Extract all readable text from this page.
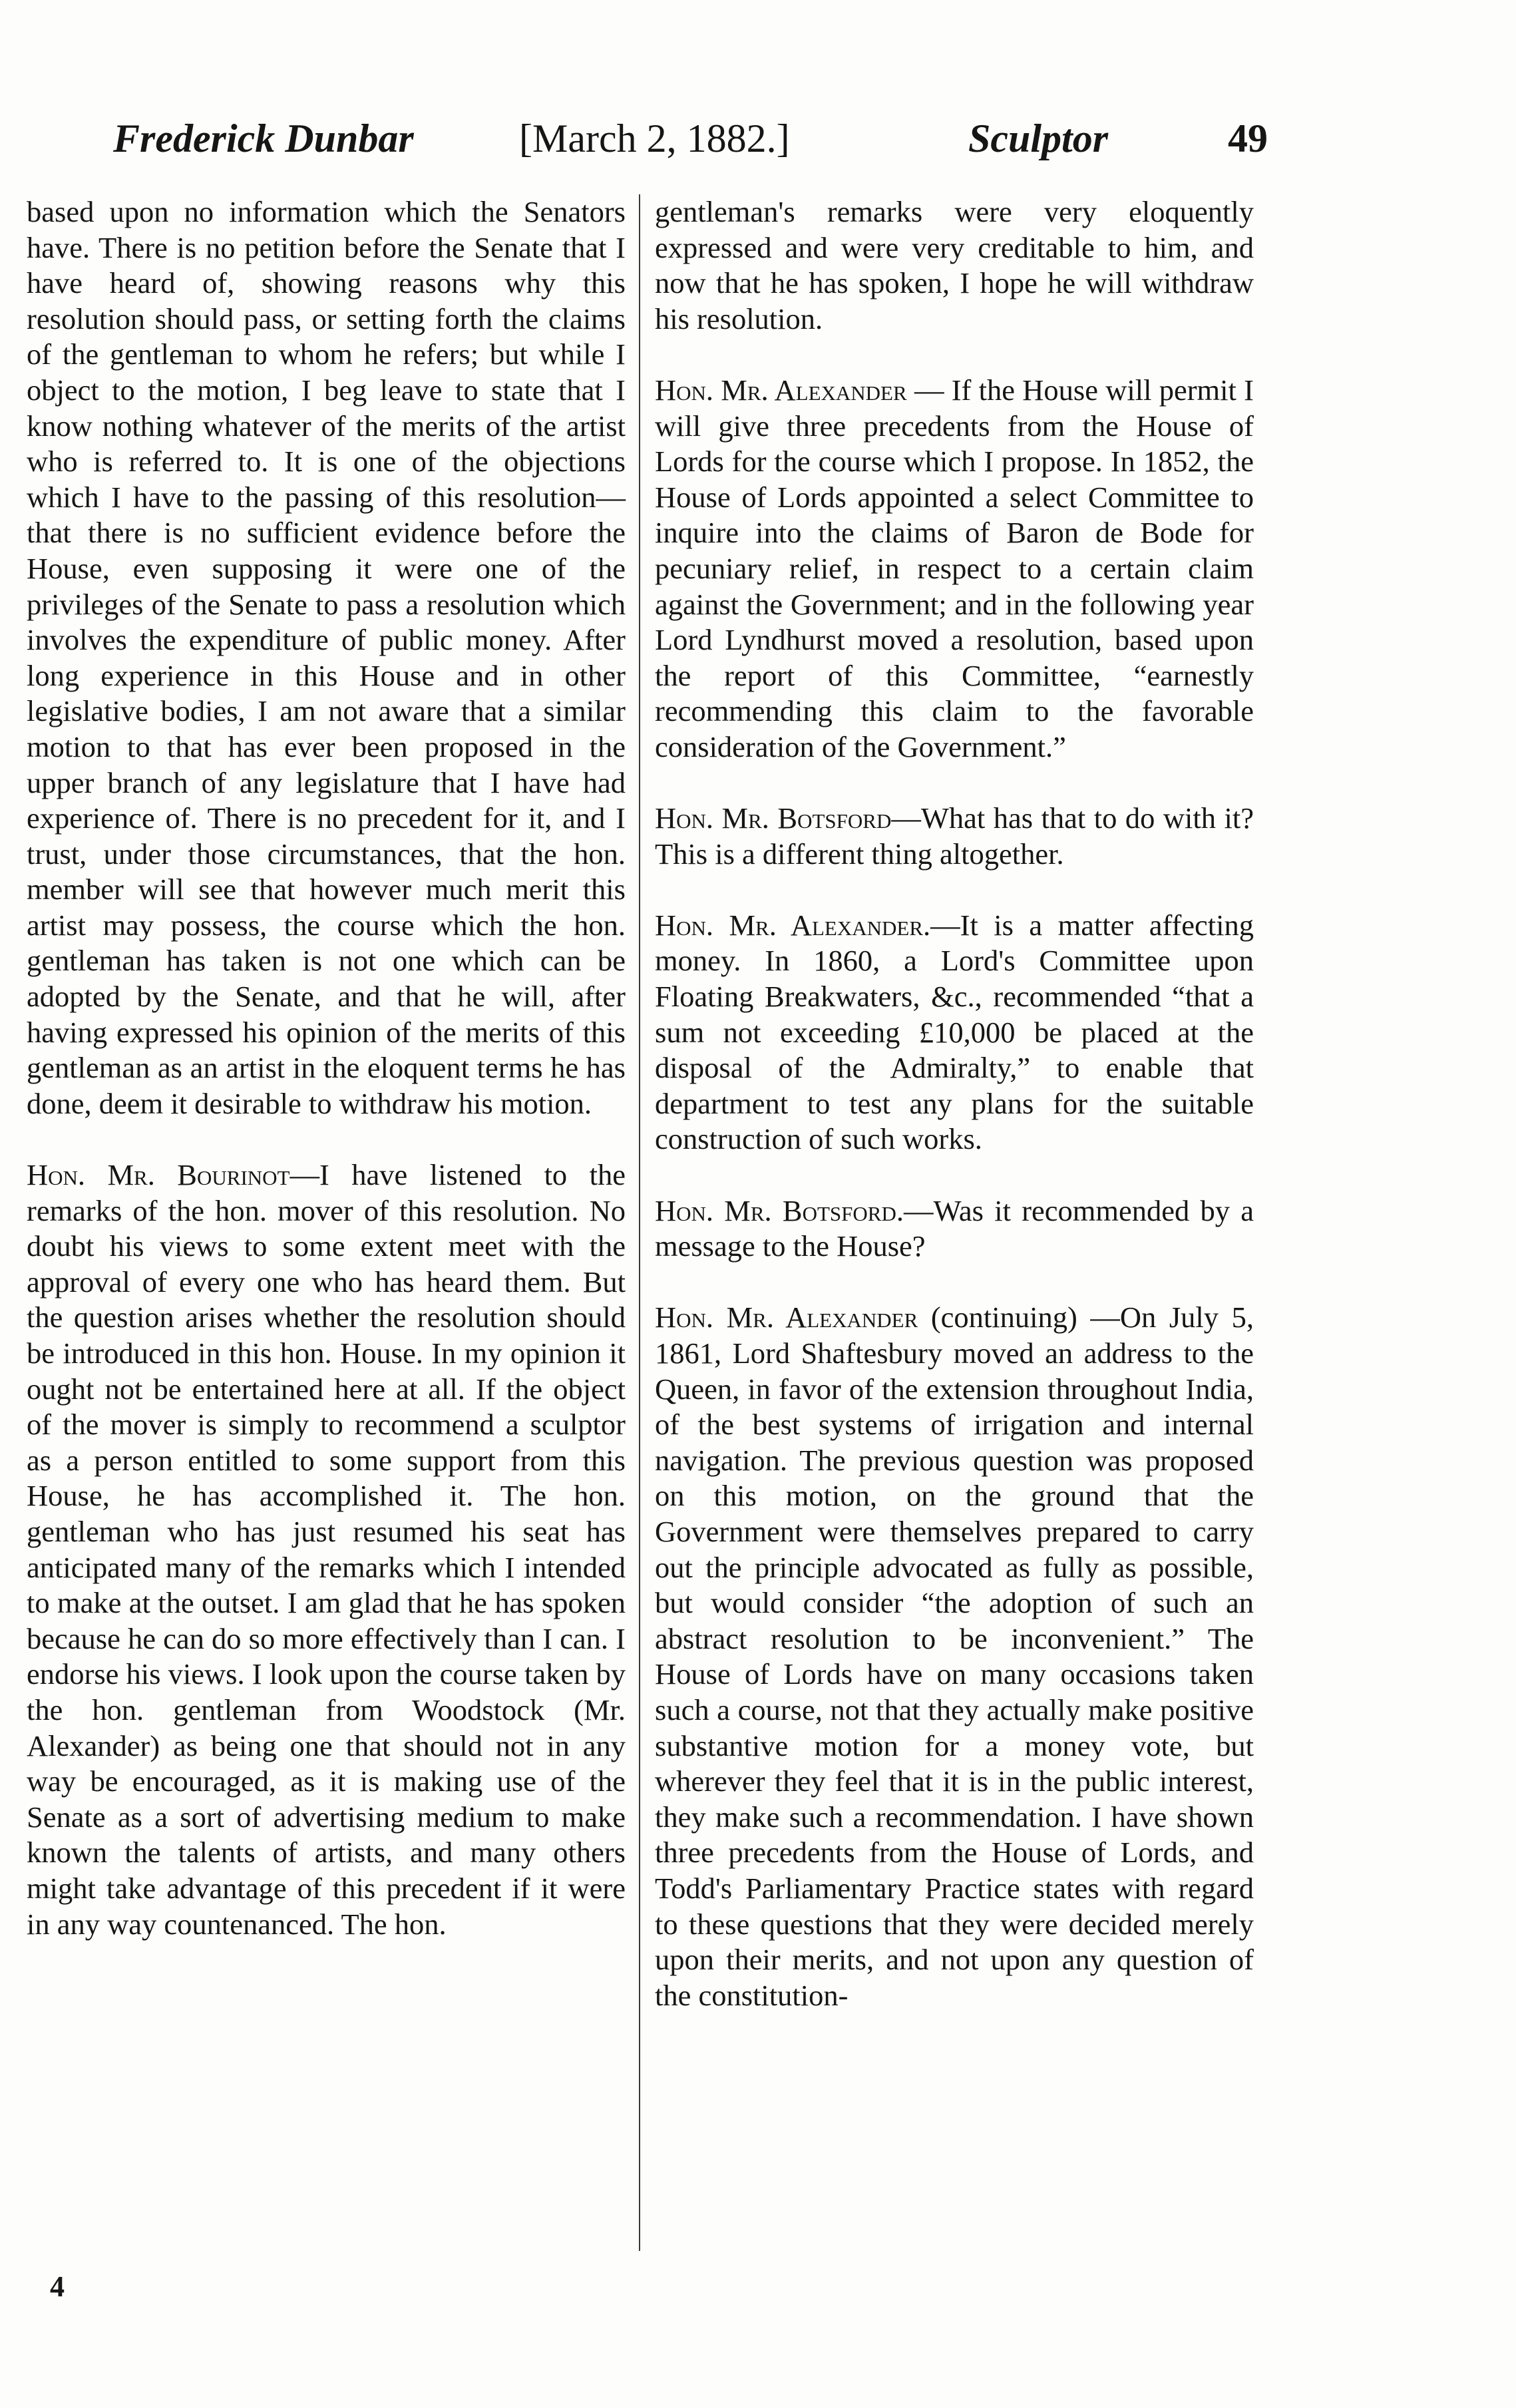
Frederick Dunbar	[March 2, 1882.]	Sculptor	49

based upon no information which the Senators have. There is no petition before the Senate that I have heard of, showing reasons why this resolution should pass, or setting forth the claims of the gentleman to whom he refers; but while I object to the motion, I beg leave to state that I know nothing whatever of the merits of the artist who is referred to. It is one of the objections which I have to the passing of this resolution—that there is no sufficient evidence before the House, even supposing it were one of the privileges of the Senate to pass a resolution which involves the expenditure of public money. After long experience in this House and in other legislative bodies, I am not aware that a similar motion to that has ever been proposed in the upper branch of any legislature that I have had experience of. There is no precedent for it, and I trust, under those circumstances, that the hon. member will see that however much merit this artist may possess, the course which the hon. gentleman has taken is not one which can be adopted by the Senate, and that he will, after having expressed his opinion of the merits of this gentleman as an artist in the eloquent terms he has done, deem it desirable to withdraw his motion.

Hon. Mr. Bourinot—I have listened to the remarks of the hon. mover of this resolution. No doubt his views to some extent meet with the approval of every one who has heard them. But the question arises whether the resolution should be introduced in this hon. House. In my opinion it ought not be entertained here at all. If the object of the mover is simply to recommend a sculptor as a person entitled to some support from this House, he has accomplished it. The hon. gentleman who has just resumed his seat has anticipated many of the remarks which I intended to make at the outset. I am glad that he has spoken because he can do so more effectively than I can. I endorse his views. I look upon the course taken by the hon. gentleman from Woodstock (Mr. Alexander) as being one that should not in any way be encouraged, as it is making use of the Senate as a sort of advertising medium to make known the talents of artists, and many others might take advantage of this precedent if it were in any way countenanced. The hon.

gentleman's remarks were very eloquently expressed and were very creditable to him, and now that he has spoken, I hope he will withdraw his resolution.

Hon. Mr. Alexander — If the House will permit I will give three precedents from the House of Lords for the course which I propose. In 1852, the House of Lords appointed a select Committee to inquire into the claims of Baron de Bode for pecuniary relief, in respect to a certain claim against the Government; and in the following year Lord Lyndhurst moved a resolution, based upon the report of this Committee, “earnestly recommending this claim to the favorable consideration of the Government.”

Hon. Mr. Botsford—What has that to do with it? This is a different thing altogether.

Hon. Mr. Alexander.—It is a matter affecting money. In 1860, a Lord's Committee upon Floating Breakwaters, &c., recommended “that a sum not exceeding £10,000 be placed at the disposal of the Admiralty,” to enable that department to test any plans for the suitable construction of such works.

Hon. Mr. Botsford.—Was it recommended by a message to the House?

Hon. Mr. Alexander (continuing) —On July 5, 1861, Lord Shaftesbury moved an address to the Queen, in favor of the extension throughout India, of the best systems of irrigation and internal navigation. The previous question was proposed on this motion, on the ground that the Government were themselves prepared to carry out the principle advocated as fully as possible, but would consider “the adoption of such an abstract resolution to be inconvenient.” The House of Lords have on many occasions taken such a course, not that they actually make positive substantive motion for a money vote, but wherever they feel that it is in the public interest, they make such a recommendation. I have shown three precedents from the House of Lords, and Todd's Parliamentary Practice states with regard to these questions that they were decided merely upon their merits, and not upon any question of the constitution-

4
